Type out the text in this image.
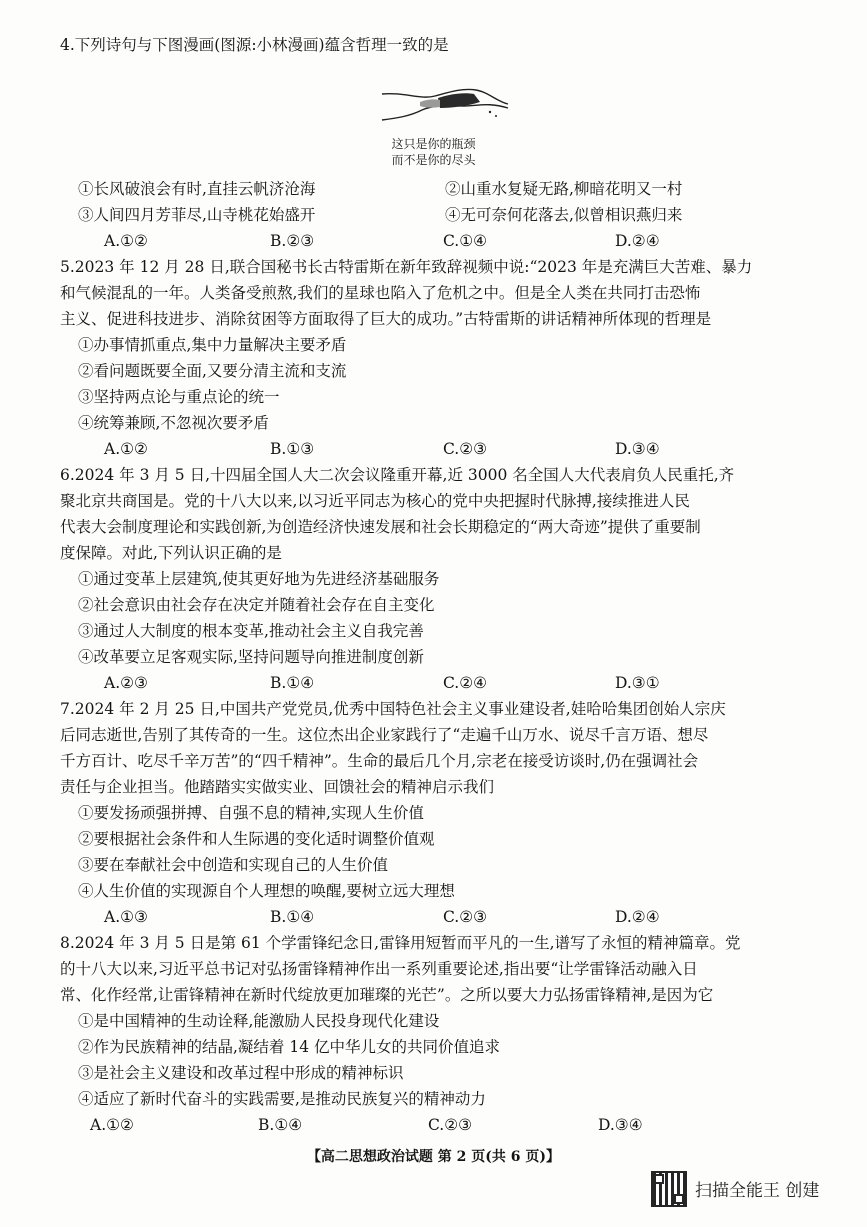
4.下列诗句与下图漫画(图源:小林漫画)蕴含哲理一致的是
这只是你的瓶颈
而不是你的尽头
①长风破浪会有时,直挂云帆济沧海	②山重水复疑无路,柳暗花明又一村
③人间四月芳菲尽,山寺桃花始盛开	④无可奈何花落去,似曾相识燕归来
A.①②	B.②③	C.①④	D.②④
5.2023 年 12 月 28 日,联合国秘书长古特雷斯在新年致辞视频中说:“2023 年是充满巨大苦难、暴力
和气候混乱的一年。人类备受煎熬,我们的星球也陷入了危机之中。但是全人类在共同打击恐怖
主义、促进科技进步、消除贫困等方面取得了巨大的成功。”古特雷斯的讲话精神所体现的哲理是
①办事情抓重点,集中力量解决主要矛盾
②看问题既要全面,又要分清主流和支流
③坚持两点论与重点论的统一
④统筹兼顾,不忽视次要矛盾
A.①②	B.①③	C.②③	D.③④
6.2024 年 3 月 5 日,十四届全国人大二次会议隆重开幕,近 3000 名全国人大代表肩负人民重托,齐
聚北京共商国是。党的十八大以来,以习近平同志为核心的党中央把握时代脉搏,接续推进人民
代表大会制度理论和实践创新,为创造经济快速发展和社会长期稳定的“两大奇迹”提供了重要制
度保障。对此,下列认识正确的是
①通过变革上层建筑,使其更好地为先进经济基础服务
②社会意识由社会存在决定并随着社会存在自主变化
③通过人大制度的根本变革,推动社会主义自我完善
④改革要立足客观实际,坚持问题导向推进制度创新
A.②③	B.①④	C.②④	D.③①
7.2024 年 2 月 25 日,中国共产党党员,优秀中国特色社会主义事业建设者,娃哈哈集团创始人宗庆
后同志逝世,告别了其传奇的一生。这位杰出企业家践行了“走遍千山万水、说尽千言万语、想尽
千方百计、吃尽千辛万苦”的“四千精神”。生命的最后几个月,宗老在接受访谈时,仍在强调社会
责任与企业担当。他踏踏实实做实业、回馈社会的精神启示我们
①要发扬顽强拼搏、自强不息的精神,实现人生价值
②要根据社会条件和人生际遇的变化适时调整价值观
③要在奉献社会中创造和实现自己的人生价值
④人生价值的实现源自个人理想的唤醒,要树立远大理想
A.①③	B.①④	C.②③	D.②④
8.2024 年 3 月 5 日是第 61 个学雷锋纪念日,雷锋用短暂而平凡的一生,谱写了永恒的精神篇章。党
的十八大以来,习近平总书记对弘扬雷锋精神作出一系列重要论述,指出要“让学雷锋活动融入日
常、化作经常,让雷锋精神在新时代绽放更加璀璨的光芒”。之所以要大力弘扬雷锋精神,是因为它
①是中国精神的生动诠释,能激励人民投身现代化建设
②作为民族精神的结晶,凝结着 14 亿中华儿女的共同价值追求
③是社会主义建设和改革过程中形成的精神标识
④适应了新时代奋斗的实践需要,是推动民族复兴的精神动力
A.①②	B.①④	C.②③	D.③④
【高二思想政治试题 第 2 页(共 6 页)】
扫描全能王 创建
